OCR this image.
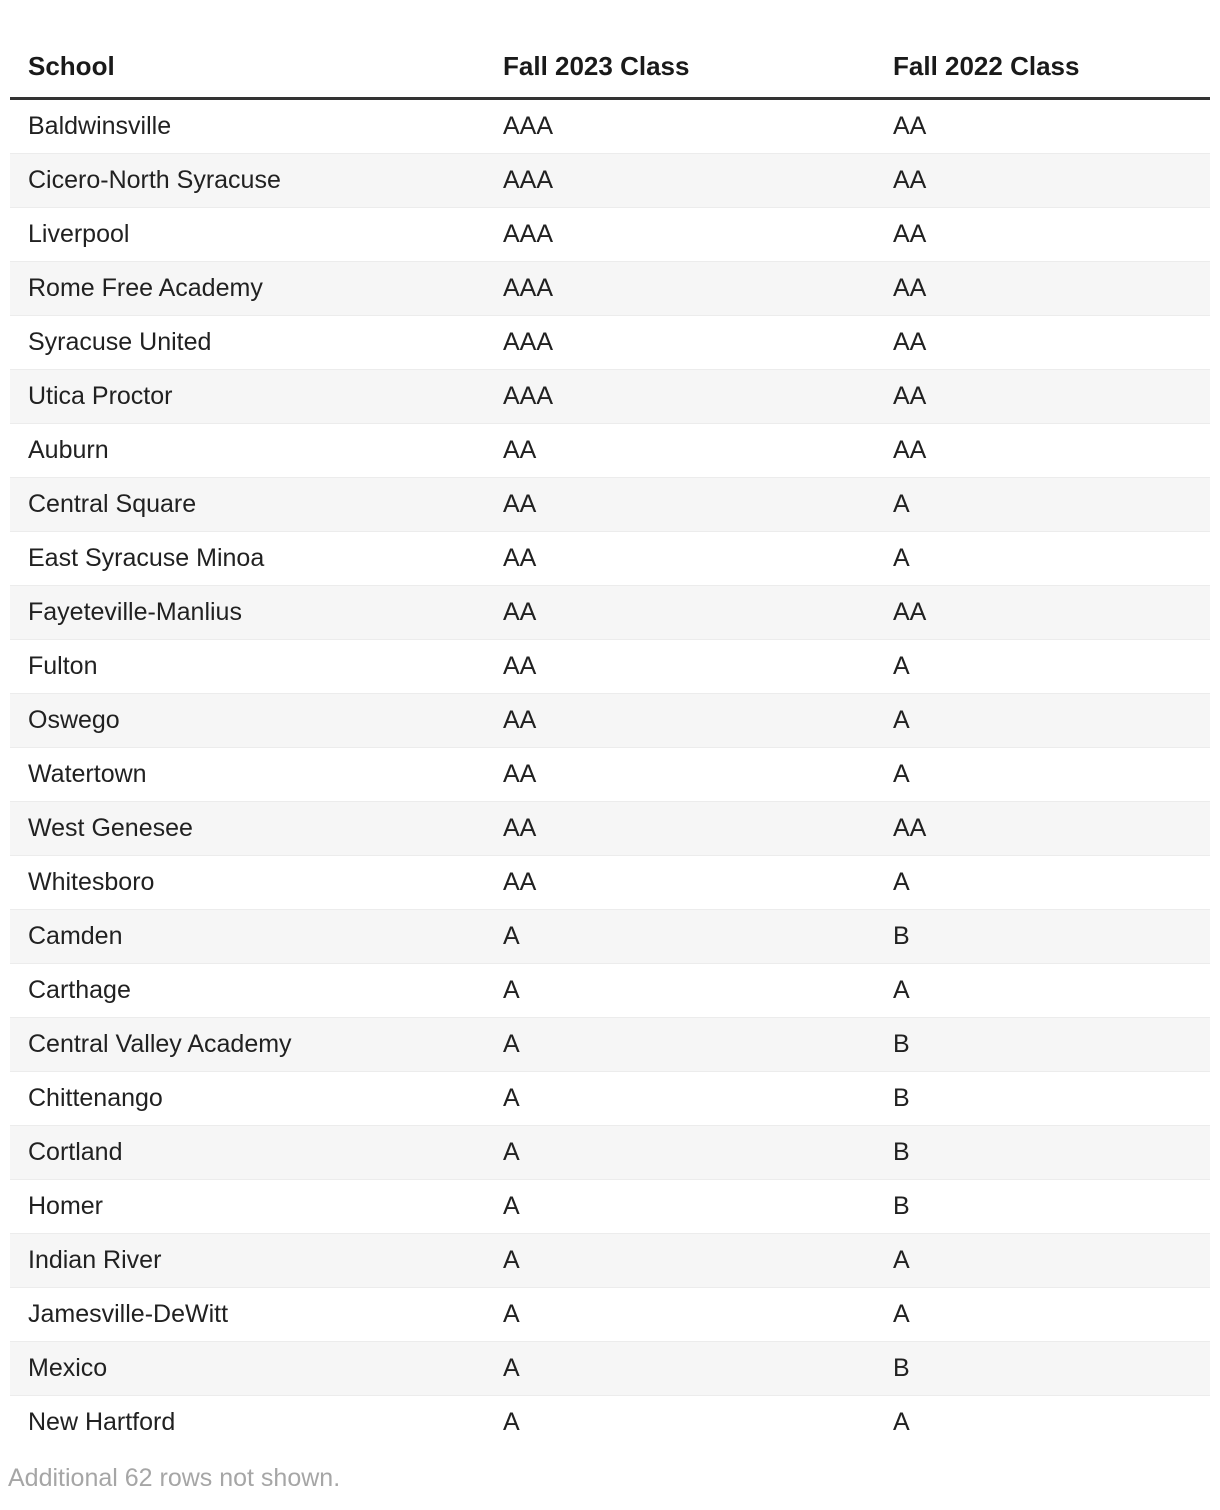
School	Fall 2023 Class	Fall 2022 Class
Baldwinsville	AAA	AA
Cicero-North Syracuse	AAA	AA
Liverpool	AAA	AA
Rome Free Academy	AAA	AA
Syracuse United	AAA	AA
Utica Proctor	AAA	AA
Auburn	AA	AA
Central Square	AA	A
East Syracuse Minoa	AA	A
Fayeteville-Manlius	AA	AA
Fulton	AA	A
Oswego	AA	A
Watertown	AA	A
West Genesee	AA	AA
Whitesboro	AA	A
Camden	A	B
Carthage	A	A
Central Valley Academy	A	B
Chittenango	A	B
Cortland	A	B
Homer	A	B
Indian River	A	A
Jamesville-DeWitt	A	A
Mexico	A	B
New Hartford	A	A
Additional 62 rows not shown.
